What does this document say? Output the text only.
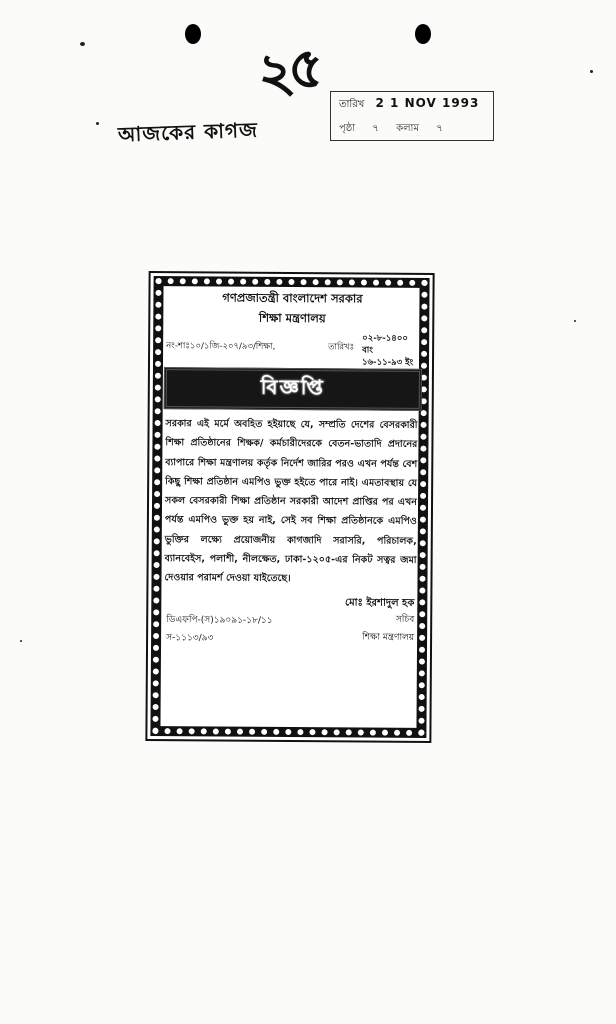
২৫
আজকের কাগজ
তারিখ 2 1 NOV 1993
পৃষ্ঠা ৭ কলাম ৭
গণপ্রজাতন্ত্রী বাংলাদেশ সরকার
শিক্ষা মন্ত্রণালয়
নং-শাঃ১০/১জি-২০৭/৯৩/শিক্ষা,	তারিখঃ
০২-৮-১৪০০ বাং
১৬-১১-৯৩ ইং
বিজ্ঞপ্তি
সরকার এই মর্মে অবহিত হইয়াছে যে, সম্প্রতি দেশের বেসরকারী শিক্ষা প্রতিষ্ঠানের শিক্ষক/ কর্মচারীদেরকে বেতন-ভাতাদি প্রদানের ব্যাপারে শিক্ষা মন্ত্রণালয় কর্তৃক নির্দেশ জারির পরও এখন পর্যন্ত বেশ কিছু শিক্ষা প্রতিষ্ঠান এমপিও ভুক্ত হইতে পারে নাই। এমতাবস্থায় যে সকল বেসরকারী শিক্ষা প্রতিষ্ঠান সরকারী আদেশ প্রাপ্তির পর এখন পর্যন্ত এমপিও ভুক্ত হয় নাই, সেই সব শিক্ষা প্রতিষ্ঠানকে এমপিও ভুক্তির লক্ষ্যে প্রয়োজনীয় কাগজাদি সরাসরি, পরিচালক, ব্যানবেইস, পলাশী, নীলক্ষেত, ঢাকা-১২০৫-এর নিকট সত্বর জমা দেওয়ার পরামর্শ দেওয়া যাইতেছে।
মোঃ ইরশাদুল হক
সচিব
শিক্ষা মন্ত্রণালয়
ডিএফপি-(স)১৯০৯১-১৮/১১
স-১১১৩/৯৩
